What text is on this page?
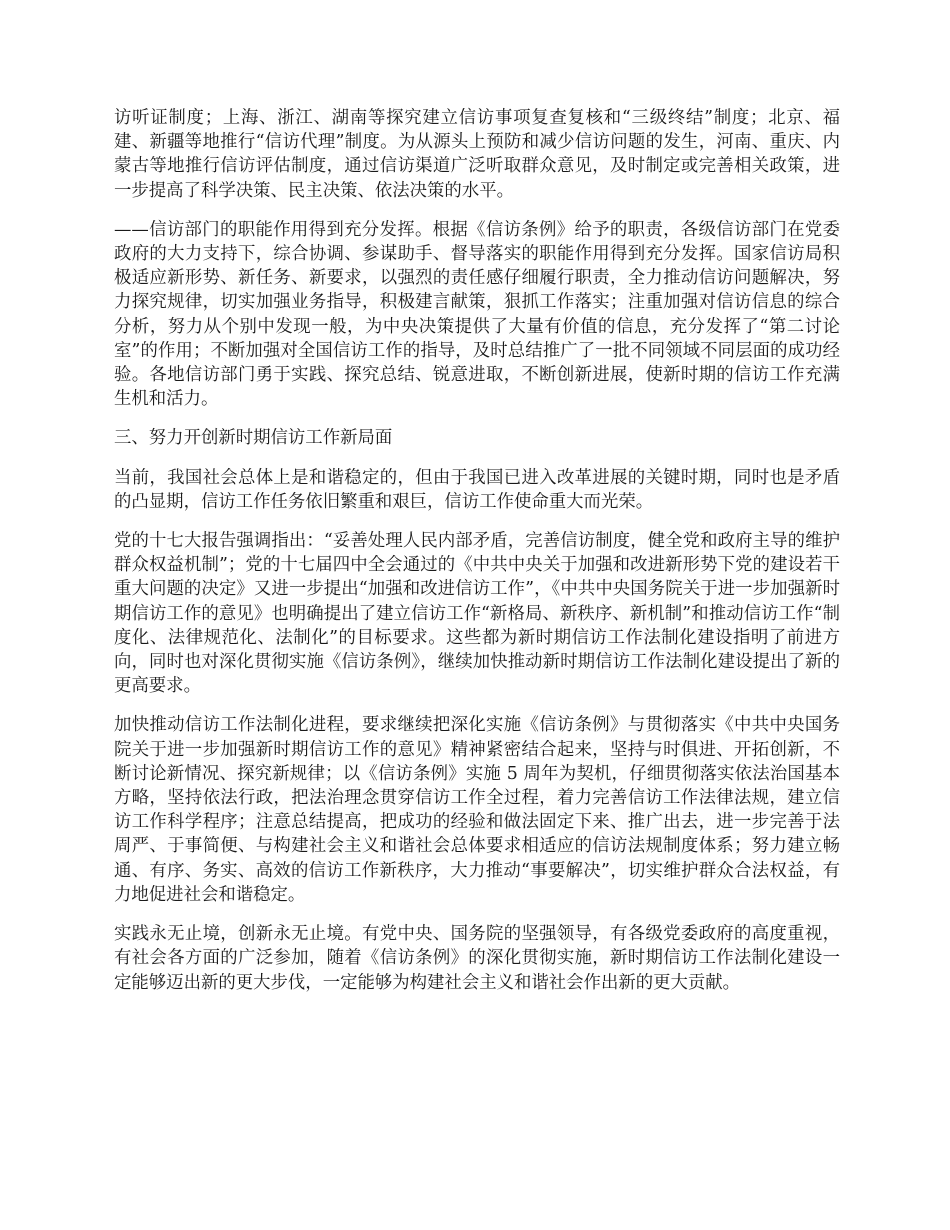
访听证制度；上海、浙江、湖南等探究建立信访事项复查复核和“三级终结”制度；北京、福建、新疆等地推行“信访代理”制度。为从源头上预防和减少信访问题的发生，河南、重庆、内蒙古等地推行信访评估制度，通过信访渠道广泛听取群众意见，及时制定或完善相关政策，进一步提高了科学决策、民主决策、依法决策的水平。

——信访部门的职能作用得到充分发挥。根据《信访条例》给予的职责，各级信访部门在党委政府的大力支持下，综合协调、参谋助手、督导落实的职能作用得到充分发挥。国家信访局积极适应新形势、新任务、新要求，以强烈的责任感仔细履行职责，全力推动信访问题解决，努力探究规律，切实加强业务指导，积极建言献策，狠抓工作落实；注重加强对信访信息的综合分析，努力从个别中发现一般，为中央决策提供了大量有价值的信息，充分发挥了“第二讨论室”的作用；不断加强对全国信访工作的指导，及时总结推广了一批不同领域不同层面的成功经验。各地信访部门勇于实践、探究总结、锐意进取，不断创新进展，使新时期的信访工作充满生机和活力。

三、努力开创新时期信访工作新局面

当前，我国社会总体上是和谐稳定的，但由于我国已进入改革进展的关键时期，同时也是矛盾的凸显期，信访工作任务依旧繁重和艰巨，信访工作使命重大而光荣。

党的十七大报告强调指出：“妥善处理人民内部矛盾，完善信访制度，健全党和政府主导的维护群众权益机制”；党的十七届四中全会通过的《中共中央关于加强和改进新形势下党的建设若干重大问题的决定》又进一步提出“加强和改进信访工作”，《中共中央国务院关于进一步加强新时期信访工作的意见》也明确提出了建立信访工作“新格局、新秩序、新机制”和推动信访工作“制度化、法律规范化、法制化”的目标要求。这些都为新时期信访工作法制化建设指明了前进方向，同时也对深化贯彻实施《信访条例》，继续加快推动新时期信访工作法制化建设提出了新的更高要求。

加快推动信访工作法制化进程，要求继续把深化实施《信访条例》与贯彻落实《中共中央国务院关于进一步加强新时期信访工作的意见》精神紧密结合起来，坚持与时俱进、开拓创新，不断讨论新情况、探究新规律；以《信访条例》实施 5 周年为契机，仔细贯彻落实依法治国基本方略，坚持依法行政，把法治理念贯穿信访工作全过程，着力完善信访工作法律法规，建立信访工作科学程序；注意总结提高，把成功的经验和做法固定下来、推广出去，进一步完善于法周严、于事简便、与构建社会主义和谐社会总体要求相适应的信访法规制度体系；努力建立畅通、有序、务实、高效的信访工作新秩序，大力推动“事要解决”，切实维护群众合法权益，有力地促进社会和谐稳定。

实践永无止境，创新永无止境。有党中央、国务院的坚强领导，有各级党委政府的高度重视，有社会各方面的广泛参加，随着《信访条例》的深化贯彻实施，新时期信访工作法制化建设一定能够迈出新的更大步伐，一定能够为构建社会主义和谐社会作出新的更大贡献。
